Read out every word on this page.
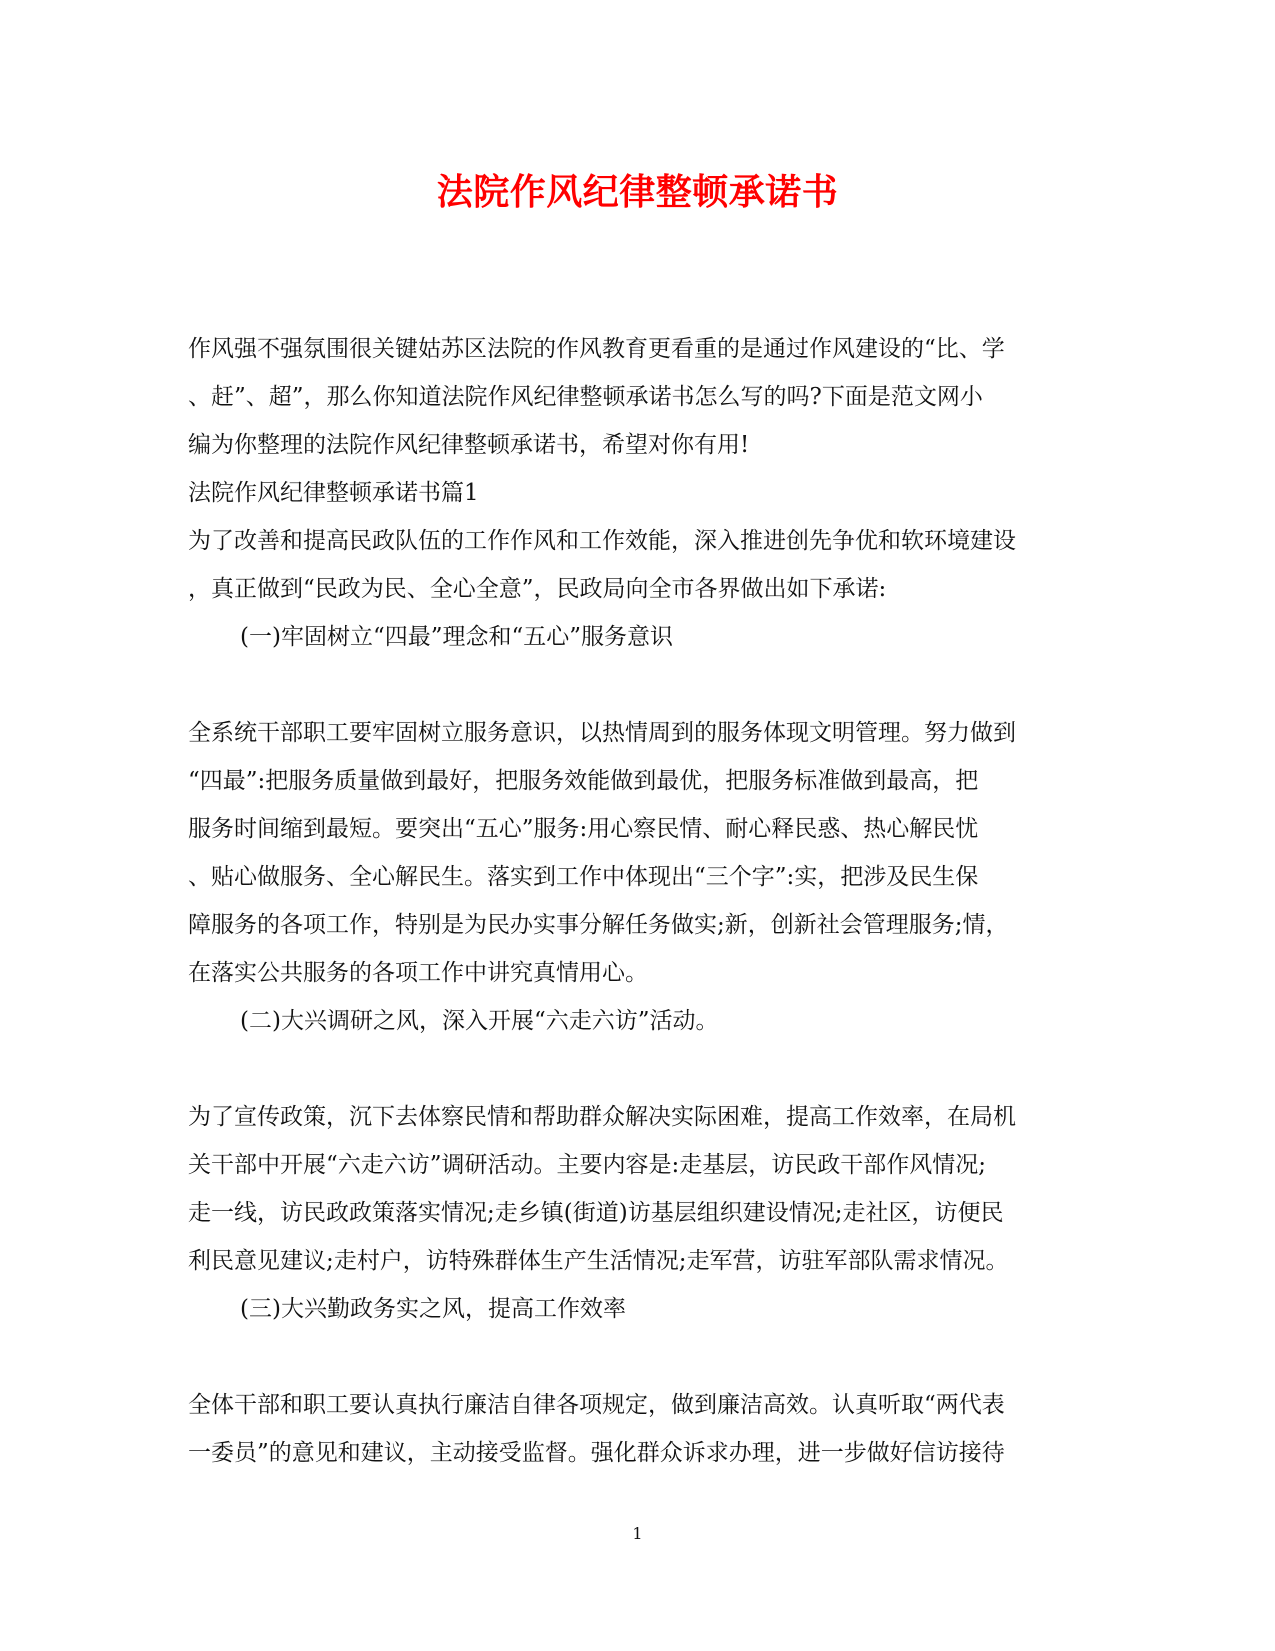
法院作风纪律整顿承诺书
作风强不强氛围很关键姑苏区法院的作风教育更看重的是通过作风建设的“比、学
、赶”、超”，那么你知道法院作风纪律整顿承诺书怎么写的吗?下面是范文网小
编为你整理的法院作风纪律整顿承诺书，希望对你有用!
法院作风纪律整顿承诺书篇1
为了改善和提高民政队伍的工作作风和工作效能，深入推进创先争优和软环境建设
，真正做到“民政为民、全心全意”，民政局向全市各界做出如下承诺:
(一)牢固树立“四最”理念和“五心”服务意识
全系统干部职工要牢固树立服务意识，以热情周到的服务体现文明管理。努力做到
“四最”:把服务质量做到最好，把服务效能做到最优，把服务标准做到最高，把
服务时间缩到最短。要突出“五心”服务:用心察民情、耐心释民惑、热心解民忧
、贴心做服务、全心解民生。落实到工作中体现出“三个字”:实，把涉及民生保
障服务的各项工作，特别是为民办实事分解任务做实;新，创新社会管理服务;情，
在落实公共服务的各项工作中讲究真情用心。
(二)大兴调研之风，深入开展“六走六访”活动。
为了宣传政策，沉下去体察民情和帮助群众解决实际困难，提高工作效率，在局机
关干部中开展“六走六访”调研活动。主要内容是:走基层，访民政干部作风情况;
走一线，访民政政策落实情况;走乡镇(街道)访基层组织建设情况;走社区，访便民
利民意见建议;走村户，访特殊群体生产生活情况;走军营，访驻军部队需求情况。
(三)大兴勤政务实之风，提高工作效率
全体干部和职工要认真执行廉洁自律各项规定，做到廉洁高效。认真听取“两代表
一委员”的意见和建议，主动接受监督。强化群众诉求办理，进一步做好信访接待
1
